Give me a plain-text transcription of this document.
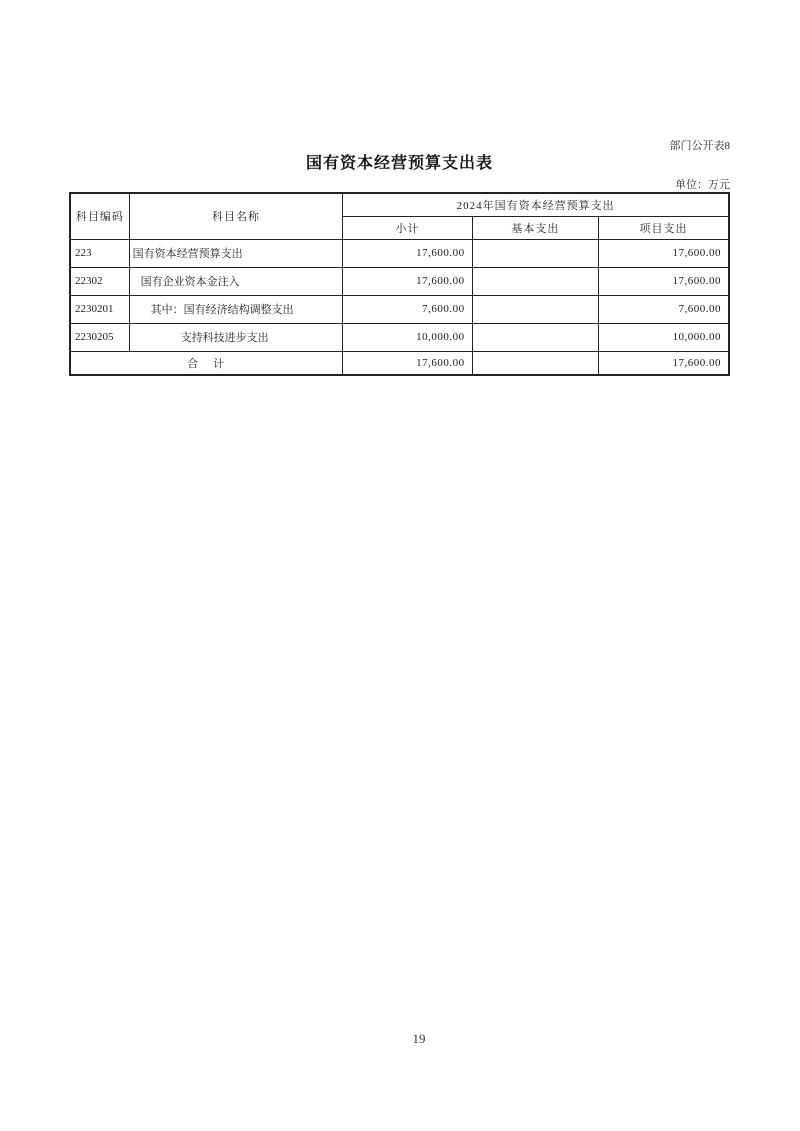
部门公开表8
国有资本经营预算支出表
单位：万元
科目编码	科目名称	2024年国有资本经营预算支出		
		小计	基本支出	项目支出
223	国有资本经营预算支出	17,600.00		17,600.00
22302	国有企业资本金注入	17,600.00		17,600.00
2230201	其中：国有经济结构调整支出	7,600.00		7,600.00
2230205	支持科技进步支出	10,000.00		10,000.00
合　计		17,600.00		17,600.00
19
